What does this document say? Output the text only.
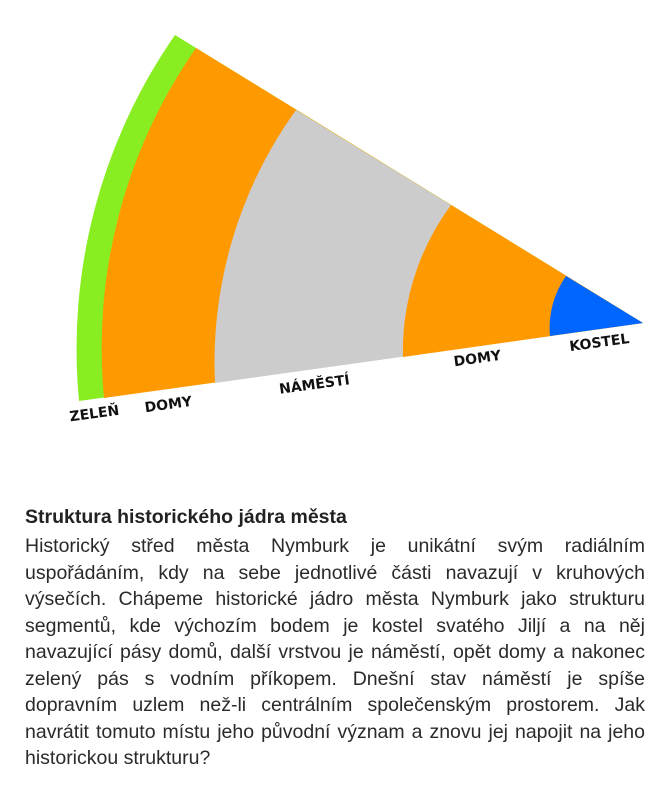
ZELEŇ DOMY
NÁMĚSTÍ
DOMY
KOSTEL
Struktura historického jádra města

Historický střed města Nymburk je unikátní svým radiálním uspořádáním, kdy na sebe jednotlivé části navazují v kruhových výsečích. Chápeme historické jádro města Nymburk jako strukturu segmentů, kde výchozím bodem je kostel svatého Jiljí a na něj navazující pásy domů, další vrstvou je náměstí, opět domy a nakonec zelený pás s vodním příkopem. Dnešní stav náměstí je spíše dopravním uzlem než-li centrálním společenským prostorem. Jak navrátit tomuto místu jeho původní význam a znovu jej napojit na jeho historickou strukturu?
